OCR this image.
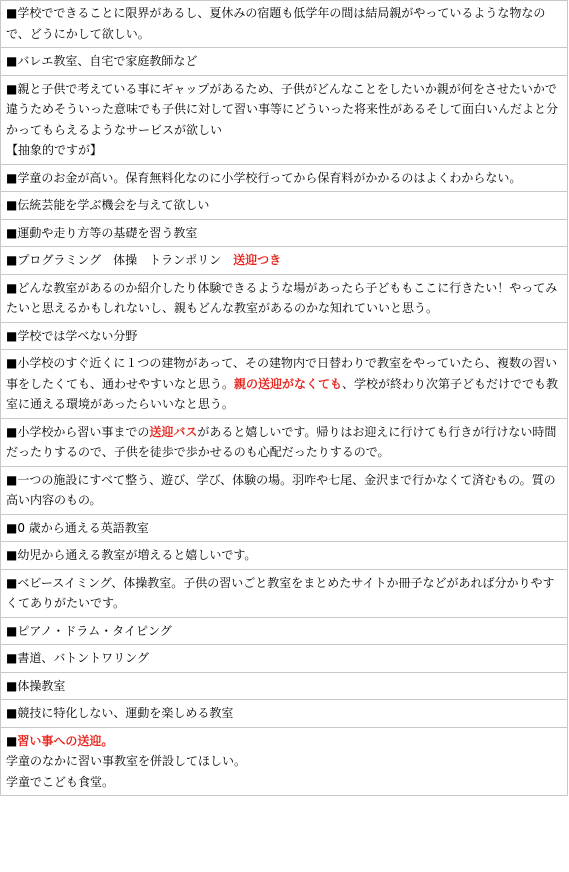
■学校でできることに限界があるし、夏休みの宿題も低学年の間は結局親がやっているような物なので、どうにかして欲しい。
■バレエ教室、自宅で家庭教師など
■親と子供で考えている事にギャップがあるため、子供がどんなことをしたいか親が何をさせたいかで違うためそういった意味でも子供に対して習い事等にどういった将来性があるそして面白いんだよと分かってもらえるようなサービスが欲しい
【抽象的ですが】
■学童のお金が高い。保育無料化なのに小学校行ってから保育料がかかるのはよくわからない。
■伝統芸能を学ぶ機会を与えて欲しい
■運動や走り方等の基礎を習う教室
■プログラミング　体操　トランポリン　送迎つき
■どんな教室があるのか紹介したり体験できるような場があったら子どももここに行きたい！やってみたいと思えるかもしれないし、親もどんな教室があるのかな知れていいと思う。
■学校では学べない分野
■小学校のすぐ近くに１つの建物があって、その建物内で日替わりで教室をやっていたら、複数の習い事をしたくても、通わせやすいなと思う。親の送迎がなくても、学校が終わり次第子どもだけででも教室に通える環境があったらいいなと思う。
■小学校から習い事までの送迎バスがあると嬉しいです。帰りはお迎えに行けても行きが行けない時間だったりするので、子供を徒歩で歩かせるのも心配だったりするので。
■一つの施設にすべて整う、遊び、学び、体験の場。羽咋や七尾、金沢まで行かなくて済むもの。質の高い内容のもの。
■0 歳から通える英語教室
■幼児から通える教室が増えると嬉しいです。
■ベビースイミング、体操教室。子供の習いごと教室をまとめたサイトか冊子などがあれば分かりやすくてありがたいです。
■ピアノ・ドラム・タイピング
■書道、バトントワリング
■体操教室
■競技に特化しない、運動を楽しめる教室
■習い事への送迎。
学童のなかに習い事教室を併設してほしい。
学童でこども食堂。
